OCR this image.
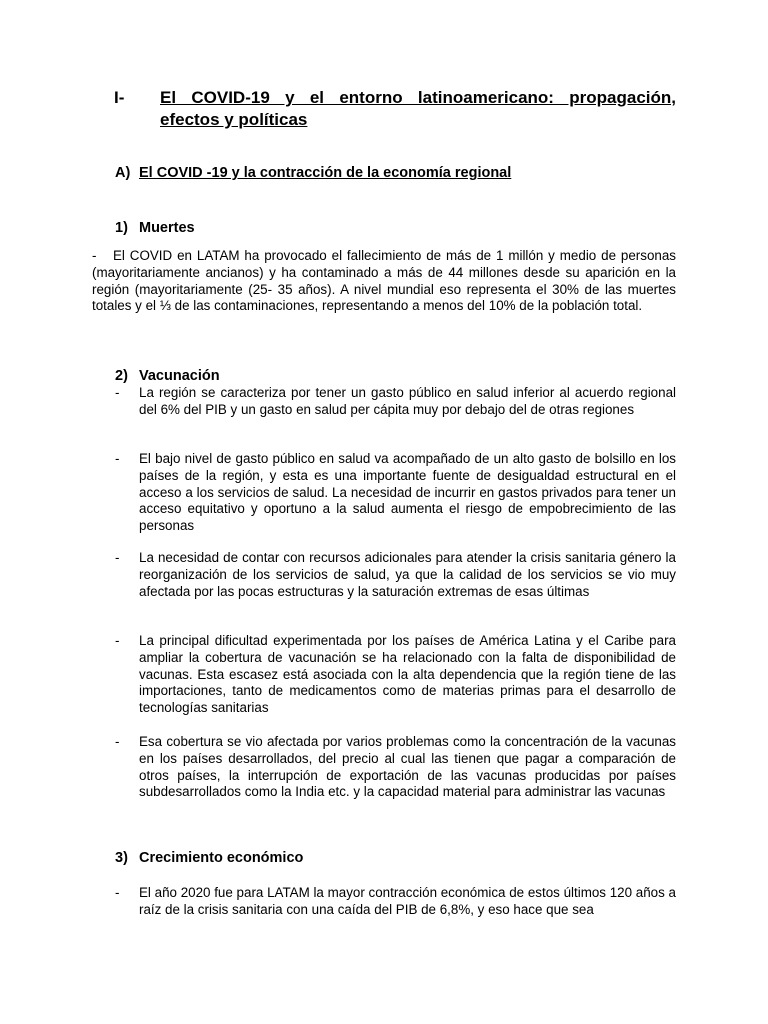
I- El COVID-19 y el entorno latinoamericano: propagación, efectos y políticas
A) El COVID -19 y la contracción de la economía regional
1) Muertes
-	El COVID en LATAM ha provocado el fallecimiento de más de 1 millón y medio de personas (mayoritariamente ancianos) y ha contaminado a más de 44 millones desde su aparición en la región (mayoritariamente (25- 35 años). A nivel mundial eso representa el 30% de las muertes totales y el ⅓ de las contaminaciones, representando a menos del 10% de la población total.
2) Vacunación
- La región se caracteriza por tener un gasto público en salud inferior al acuerdo regional del 6% del PIB y un gasto en salud per cápita muy por debajo del de otras regiones
- El bajo nivel de gasto público en salud va acompañado de un alto gasto de bolsillo en los países de la región, y esta es una importante fuente de desigualdad estructural en el acceso a los servicios de salud. La necesidad de incurrir en gastos privados para tener un acceso equitativo y oportuno a la salud aumenta el riesgo de empobrecimiento de las personas
- La necesidad de contar con recursos adicionales para atender la crisis sanitaria género la reorganización de los servicios de salud, ya que la calidad de los servicios se vio muy afectada por las pocas estructuras y la saturación extremas de esas últimas
- La principal dificultad experimentada por los países de América Latina y el Caribe para ampliar la cobertura de vacunación se ha relacionado con la falta de disponibilidad de vacunas. Esta escasez está asociada con la alta dependencia que la región tiene de las importaciones, tanto de medicamentos como de materias primas para el desarrollo de tecnologías sanitarias
- Esa cobertura se vio afectada por varios problemas como la concentración de la vacunas en los países desarrollados, del precio al cual las tienen que pagar a comparación de otros países, la interrupción de exportación de las vacunas producidas por países subdesarrollados como la India etc. y la capacidad material para administrar las vacunas
3) Crecimiento económico
- El año 2020 fue para LATAM la mayor contracción económica de estos últimos 120 años a raíz de la crisis sanitaria con una caída del PIB de 6,8%, y eso hace que sea
